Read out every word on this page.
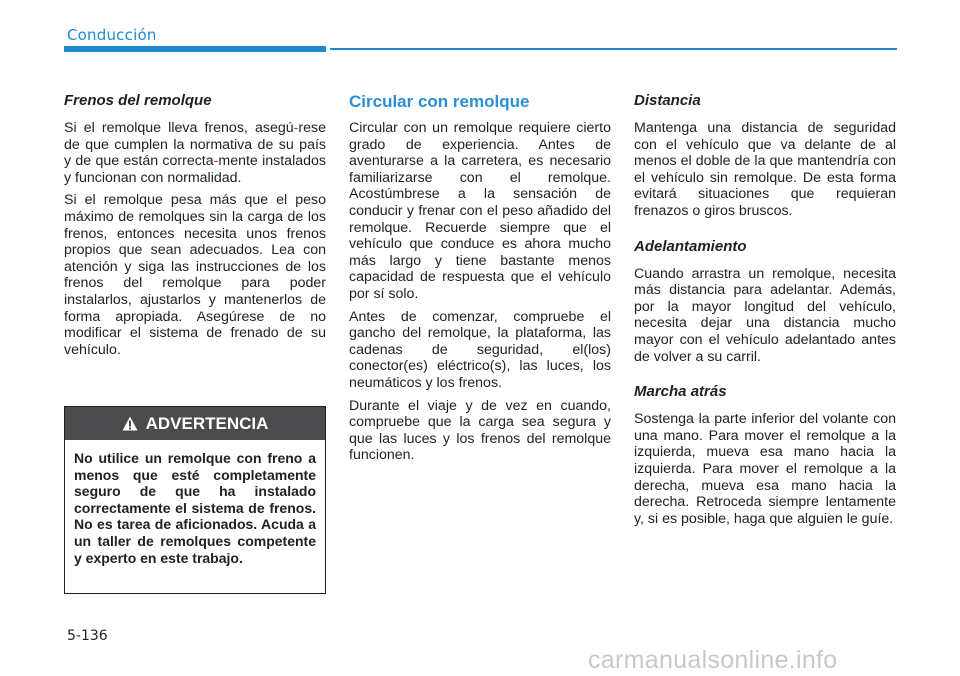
Conducción
Frenos del remolque

Si el remolque lleva frenos, asegú-rese de que cumplen la normativa de su país y de que están correcta-mente instalados y funcionan con normalidad.

Si el remolque pesa más que el peso máximo de remolques sin la carga de los frenos, entonces necesita unos frenos propios que sean adecuados. Lea con atención y siga las instrucciones de los frenos del remolque para poder instalarlos, ajustarlos y mantenerlos de forma apropiada. Asegúrese de no modificar el sistema de frenado de su vehículo.

ADVERTENCIA
No utilice un remolque con freno a menos que esté completamente seguro de que ha instalado correctamente el sistema de frenos. No es tarea de aficionados. Acuda a un taller de remolques competente y experto en este trabajo.
Circular con remolque

Circular con un remolque requiere cierto grado de experiencia. Antes de aventurarse a la carretera, es necesario familiarizarse con el remolque. Acostúmbrese a la sensación de conducir y frenar con el peso añadido del remolque. Recuerde siempre que el vehículo que conduce es ahora mucho más largo y tiene bastante menos capacidad de respuesta que el vehículo por sí solo.

Antes de comenzar, compruebe el gancho del remolque, la plataforma, las cadenas de seguridad, el(los) conector(es) eléctrico(s), las luces, los neumáticos y los frenos.

Durante el viaje y de vez en cuando, compruebe que la carga sea segura y que las luces y los frenos del remolque funcionen.

Distancia

Mantenga una distancia de seguridad con el vehículo que va delante de al menos el doble de la que mantendría con el vehículo sin remolque. De esta forma evitará situaciones que requieran frenazos o giros bruscos.

Adelantamiento

Cuando arrastra un remolque, necesita más distancia para adelantar. Además, por la mayor longitud del vehículo, necesita dejar una distancia mucho mayor con el vehículo adelantado antes de volver a su carril.

Marcha atrás

Sostenga la parte inferior del volante con una mano. Para mover el remolque a la izquierda, mueva esa mano hacia la izquierda. Para mover el remolque a la derecha, mueva esa mano hacia la derecha. Retroceda siempre lentamente y, si es posible, haga que alguien le guíe.

5-136
carmanualsonline.info
